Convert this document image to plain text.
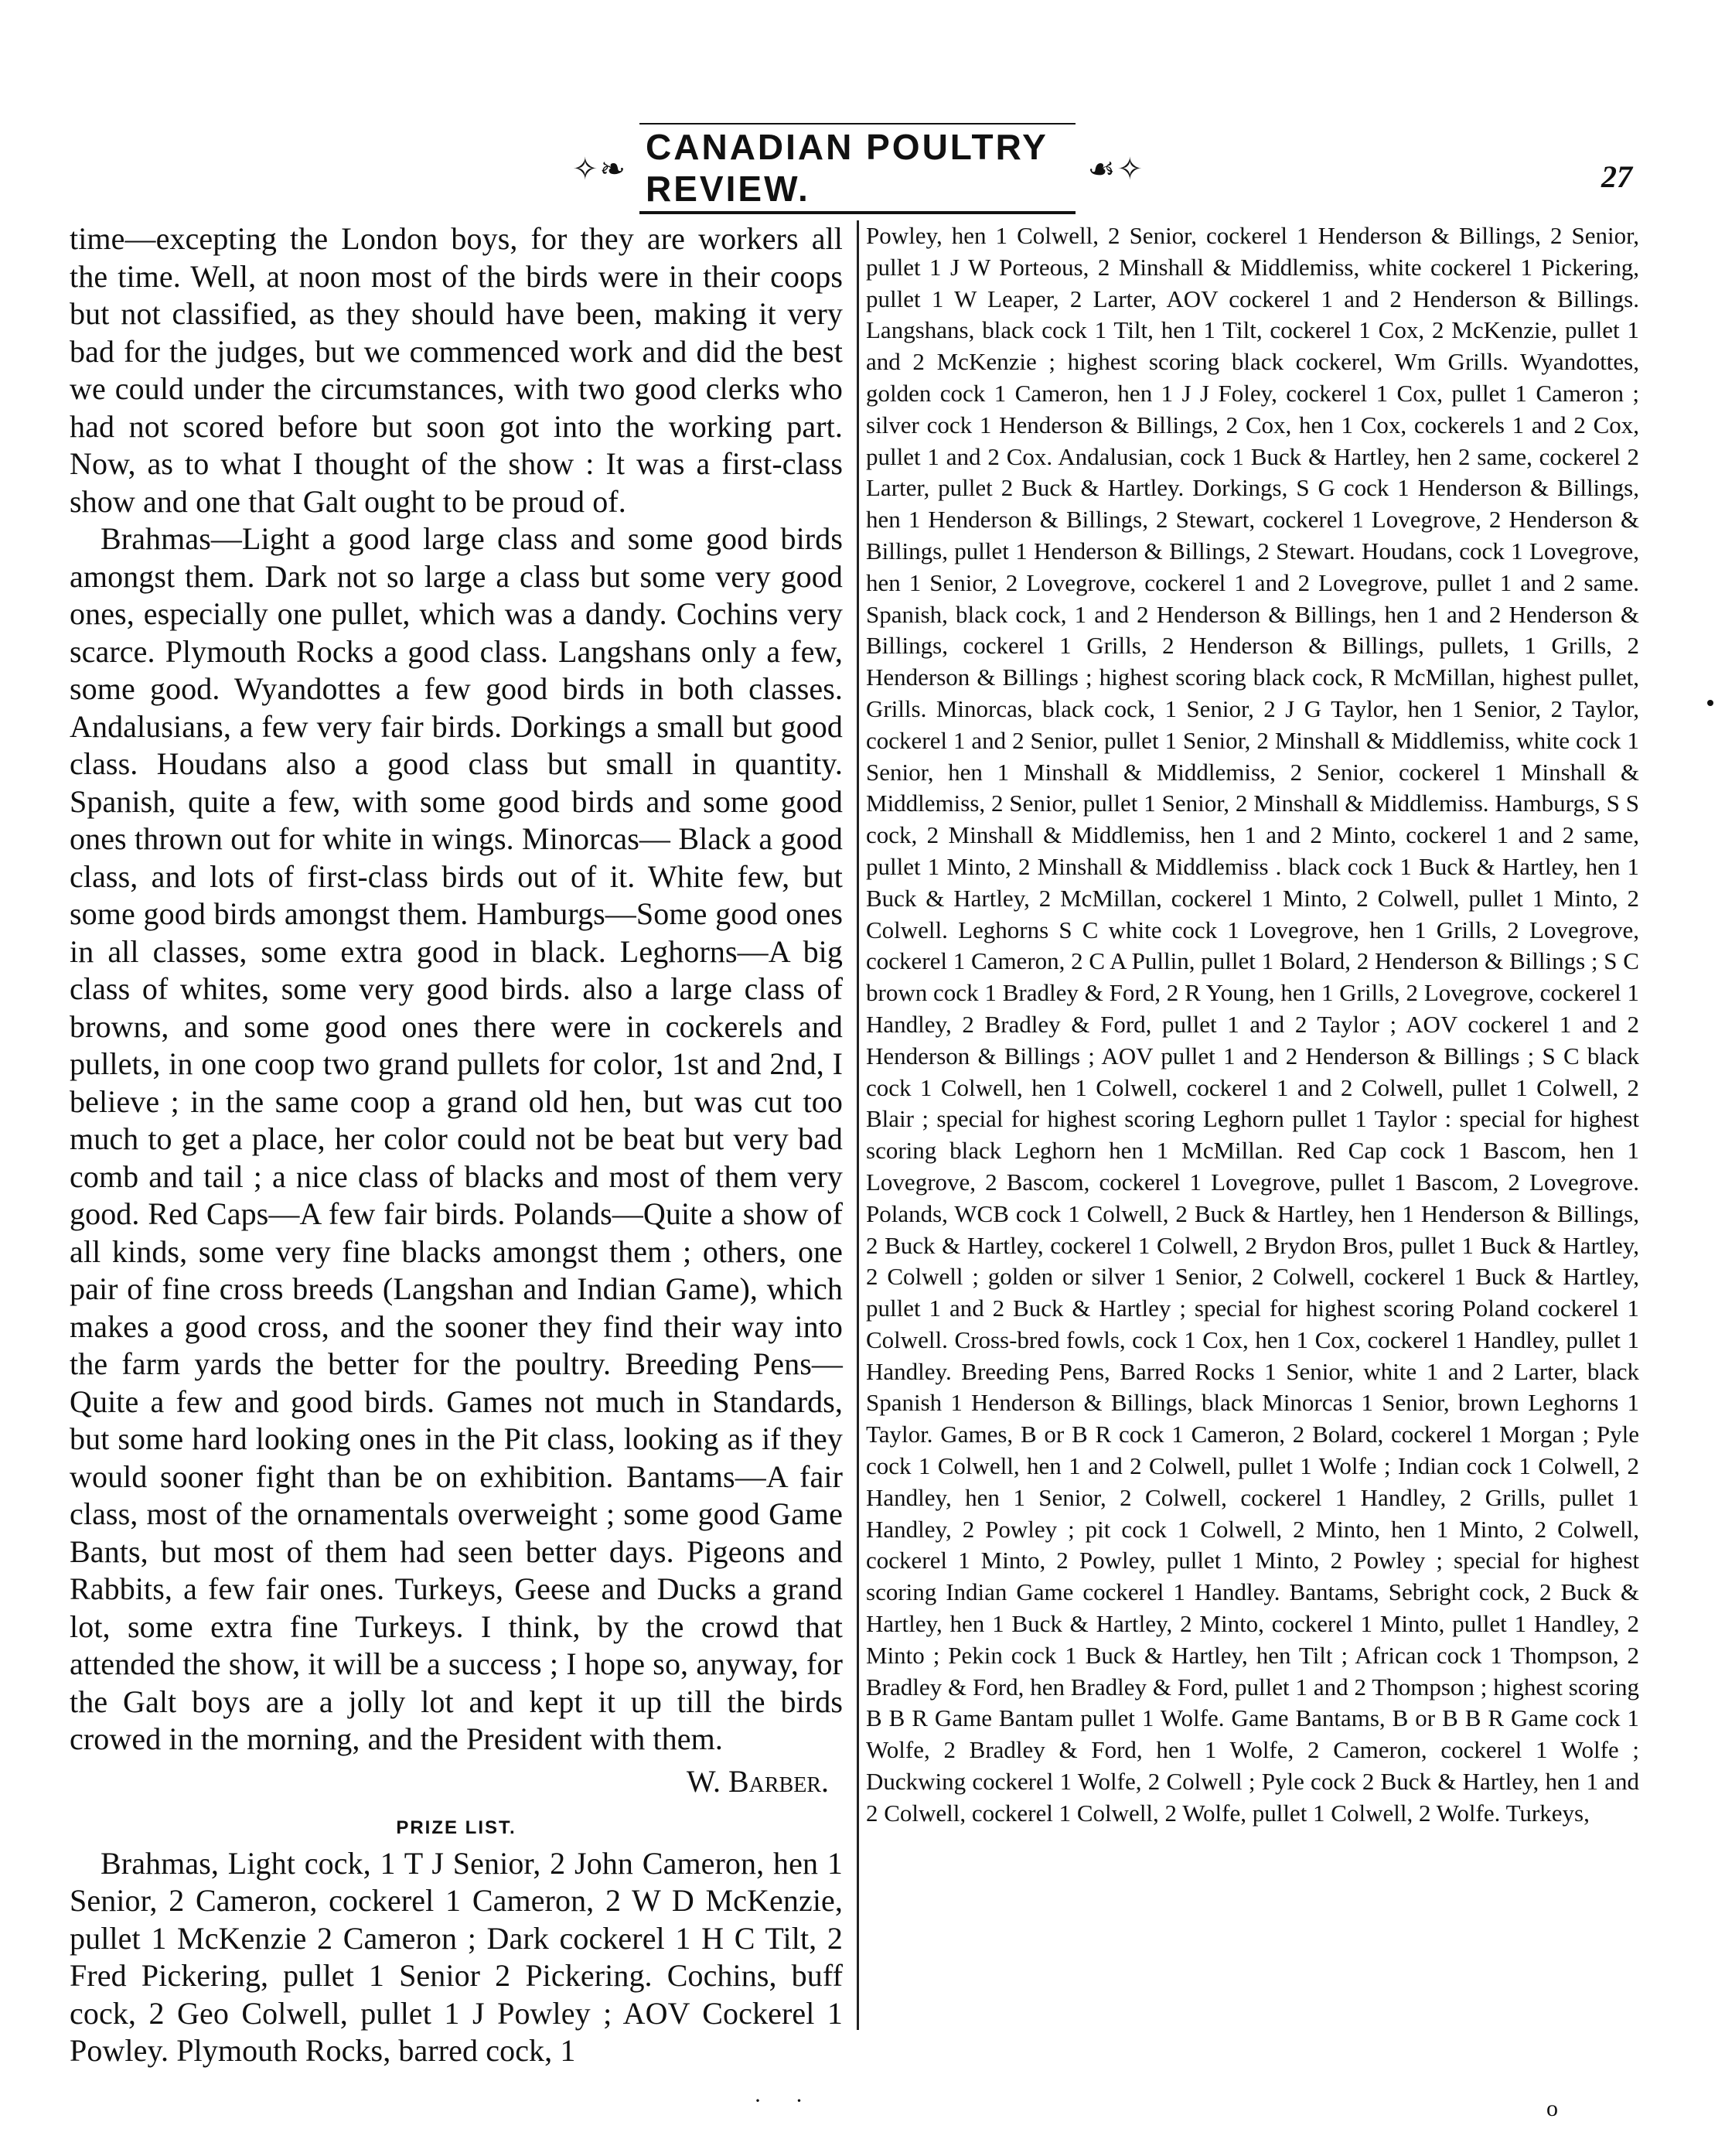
✧❧
CANADIAN POULTRY REVIEW.	☙✧	27

time—excepting the London boys, for they are workers all the time. Well, at noon most of the birds were in their coops but not classified, as they should have been, making it very bad for the judges, but we commenced work and did the best we could under the circumstances, with two good clerks who had not scored before but soon got into the working part. Now, as to what I thought of the show : It was a first-class show and one that Galt ought to be proud of.

Brahmas—Light a good large class and some good birds amongst them. Dark not so large a class but some very good ones, especially one pullet, which was a dandy. Cochins very scarce. Plymouth Rocks a good class. Langshans only a few, some good. Wyandottes a few good birds in both classes. Andalusians, a few very fair birds. Dorkings a small but good class. Houdans also a good class but small in quantity. Spanish, quite a few, with some good birds and some good ones thrown out for white in wings. Minorcas— Black a good class, and lots of first-class birds out of it. White few, but some good birds amongst them. Hamburgs—Some good ones in all classes, some extra good in black. Leghorns—A big class of whites, some very good birds. also a large class of browns, and some good ones there were in cockerels and pullets, in one coop two grand pullets for color, 1st and 2nd, I believe ; in the same coop a grand old hen, but was cut too much to get a place, her color could not be beat but very bad comb and tail ; a nice class of blacks and most of them very good. Red Caps—A few fair birds. Polands—Quite a show of all kinds, some very fine blacks amongst them ; others, one pair of fine cross breeds (Langshan and Indian Game), which makes a good cross, and the sooner they find their way into the farm yards the better for the poultry. Breeding Pens—Quite a few and good birds. Games not much in Standards, but some hard looking ones in the Pit class, looking as if they would sooner fight than be on exhibition. Bantams—A fair class, most of the ornamentals overweight ; some good Game Bants, but most of them had seen better days. Pigeons and Rabbits, a few fair ones. Turkeys, Geese and Ducks a grand lot, some extra fine Turkeys. I think, by the crowd that attended the show, it will be a success ; I hope so, anyway, for the Galt boys are a jolly lot and kept it up till the birds crowed in the morning, and the President with them.

W. Barber.
PRIZE LIST.

Brahmas, Light cock, 1 T J Senior, 2 John Cameron, hen 1 Senior, 2 Cameron, cockerel 1 Cameron, 2 W D McKenzie, pullet 1 McKenzie 2 Cameron ; Dark cockerel 1 H C Tilt, 2 Fred Pickering, pullet 1 Senior 2 Pickering. Cochins, buff cock, 2 Geo Colwell, pullet 1 J Powley ; AOV Cockerel 1 Powley. Plymouth Rocks, barred cock, 1

Powley, hen 1 Colwell, 2 Senior, cockerel 1 Henderson & Billings, 2 Senior, pullet 1 J W Porteous, 2 Minshall & Middlemiss, white cockerel 1 Pickering, pullet 1 W Leaper, 2 Larter, AOV cockerel 1 and 2 Henderson & Billings. Langshans, black cock 1 Tilt, hen 1 Tilt, cockerel 1 Cox, 2 McKenzie, pullet 1 and 2 McKenzie ; highest scoring black cockerel, Wm Grills. Wyandottes, golden cock 1 Cameron, hen 1 J J Foley, cockerel 1 Cox, pullet 1 Cameron ; silver cock 1 Henderson & Billings, 2 Cox, hen 1 Cox, cockerels 1 and 2 Cox, pullet 1 and 2 Cox. Andalusian, cock 1 Buck & Hartley, hen 2 same, cockerel 2 Larter, pullet 2 Buck & Hartley. Dorkings, S G cock 1 Henderson & Billings, hen 1 Henderson & Billings, 2 Stewart, cockerel 1 Lovegrove, 2 Henderson & Billings, pullet 1 Henderson & Billings, 2 Stewart. Houdans, cock 1 Lovegrove, hen 1 Senior, 2 Lovegrove, cockerel 1 and 2 Lovegrove, pullet 1 and 2 same. Spanish, black cock, 1 and 2 Henderson & Billings, hen 1 and 2 Henderson & Billings, cockerel 1 Grills, 2 Henderson & Billings, pullets, 1 Grills, 2 Henderson & Billings ; highest scoring black cock, R McMillan, highest pullet, Grills. Minorcas, black cock, 1 Senior, 2 J G Taylor, hen 1 Senior, 2 Taylor, cockerel 1 and 2 Senior, pullet 1 Senior, 2 Minshall & Middlemiss, white cock 1 Senior, hen 1 Minshall & Middlemiss, 2 Senior, cockerel 1 Minshall & Middlemiss, 2 Senior, pullet 1 Senior, 2 Minshall & Middlemiss. Hamburgs, S S cock, 2 Minshall & Middlemiss, hen 1 and 2 Minto, cockerel 1 and 2 same, pullet 1 Minto, 2 Minshall & Middlemiss . black cock 1 Buck & Hartley, hen 1 Buck & Hartley, 2 McMillan, cockerel 1 Minto, 2 Colwell, pullet 1 Minto, 2 Colwell. Leghorns S C white cock 1 Lovegrove, hen 1 Grills, 2 Lovegrove, cockerel 1 Cameron, 2 C A Pullin, pullet 1 Bolard, 2 Henderson & Billings ; S C brown cock 1 Bradley & Ford, 2 R Young, hen 1 Grills, 2 Lovegrove, cockerel 1 Handley, 2 Bradley & Ford, pullet 1 and 2 Taylor ; AOV cockerel 1 and 2 Henderson & Billings ; AOV pullet 1 and 2 Henderson & Billings ; S C black cock 1 Colwell, hen 1 Colwell, cockerel 1 and 2 Colwell, pullet 1 Colwell, 2 Blair ; special for highest scoring Leghorn pullet 1 Taylor : special for highest scoring black Leghorn hen 1 McMillan. Red Cap cock 1 Bascom, hen 1 Lovegrove, 2 Bascom, cockerel 1 Lovegrove, pullet 1 Bascom, 2 Lovegrove. Polands, WCB cock 1 Colwell, 2 Buck & Hartley, hen 1 Henderson & Billings, 2 Buck & Hartley, cockerel 1 Colwell, 2 Brydon Bros, pullet 1 Buck & Hartley, 2 Colwell ; golden or silver 1 Senior, 2 Colwell, cockerel 1 Buck & Hartley, pullet 1 and 2 Buck & Hartley ; special for highest scoring Poland cockerel 1 Colwell. Cross-bred fowls, cock 1 Cox, hen 1 Cox, cockerel 1 Handley, pullet 1 Handley. Breeding Pens, Barred Rocks 1 Senior, white 1 and 2 Larter, black Spanish 1 Henderson & Billings, black Minorcas 1 Senior, brown Leghorns 1 Taylor. Games, B or B R cock 1 Cameron, 2 Bolard, cockerel 1 Morgan ; Pyle cock 1 Colwell, hen 1 and 2 Colwell, pullet 1 Wolfe ; Indian cock 1 Colwell, 2 Handley, hen 1 Senior, 2 Colwell, cockerel 1 Handley, 2 Grills, pullet 1 Handley, 2 Powley ; pit cock 1 Colwell, 2 Minto, hen 1 Minto, 2 Colwell, cockerel 1 Minto, 2 Powley, pullet 1 Minto, 2 Powley ; special for highest scoring Indian Game cockerel 1 Handley. Bantams, Sebright cock, 2 Buck & Hartley, hen 1 Buck & Hartley, 2 Minto, cockerel 1 Minto, pullet 1 Handley, 2 Minto ; Pekin cock 1 Buck & Hartley, hen Tilt ; African cock 1 Thompson, 2 Bradley & Ford, hen Bradley & Ford, pullet 1 and 2 Thompson ; highest scoring B B R Game Bantam pullet 1 Wolfe. Game Bantams, B or B B R Game cock 1 Wolfe, 2 Bradley & Ford, hen 1 Wolfe, 2 Cameron, cockerel 1 Wolfe ; Duckwing cockerel 1 Wolfe, 2 Colwell ; Pyle cock 2 Buck & Hartley, hen 1 and 2 Colwell, cockerel 1 Colwell, 2 Wolfe, pullet 1 Colwell, 2 Wolfe. Turkeys,

· ·	o
